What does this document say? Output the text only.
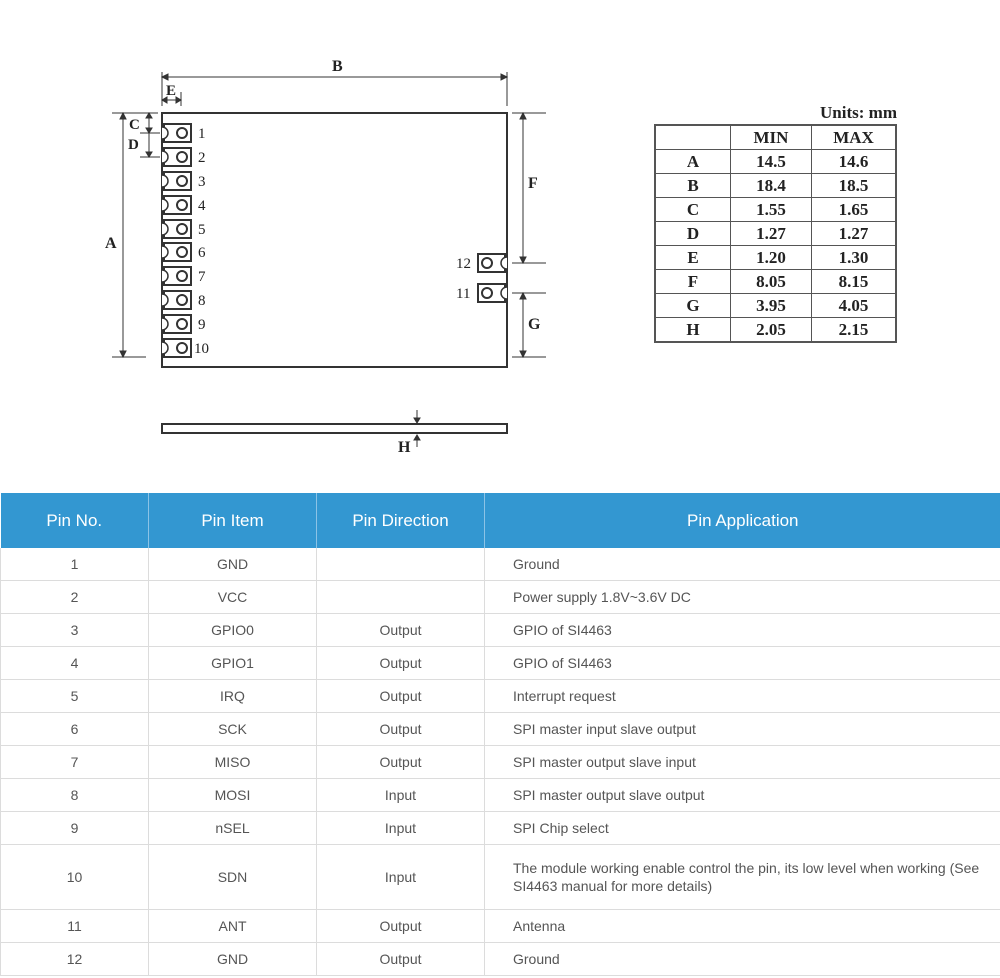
1
2
3
4
5
6
7
8
9
10
12
11
B
E
A
C
D
F
G
H
Units: mm
	MIN	MAX
A	14.5	14.6
B	18.4	18.5
C	1.55	1.65
D	1.27	1.27
E	1.20	1.30
F	8.05	8.15
G	3.95	4.05
H	2.05	2.15
Pin No.	Pin Item	Pin Direction	Pin Application
1	GND		Ground
2	VCC		Power supply 1.8V~3.6V DC
3	GPIO0	Output	GPIO of SI4463
4	GPIO1	Output	GPIO of SI4463
5	IRQ	Output	Interrupt request
6	SCK	Output	SPI master input slave output
7	MISO	Output	SPI master output slave input
8	MOSI	Input	SPI master output slave output
9	nSEL	Input	SPI Chip select
10	SDN	Input	The module working enable control the pin, its low level when working (See SI4463 manual for more details)
11	ANT	Output	Antenna
12	GND	Output	Ground
